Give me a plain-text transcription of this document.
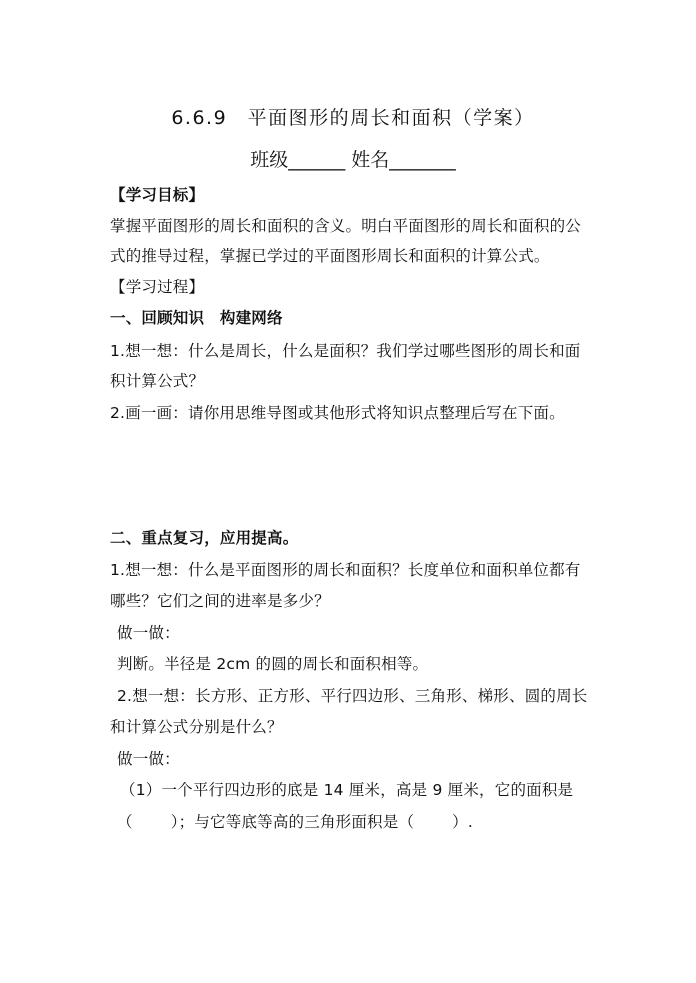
6.6.9　平面图形的周长和面积（学案）
班级______ 姓名_______
【学习目标】
掌握平面图形的周长和面积的含义。明白平面图形的周长和面积的公
式的推导过程，掌握已学过的平面图形周长和面积的计算公式。
【学习过程】
一、回顾知识　构建网络
1.想一想：什么是周长，什么是面积？我们学过哪些图形的周长和面
积计算公式？
2.画一画：请你用思维导图或其他形式将知识点整理后写在下面。
二、重点复习，应用提高。
1.想一想：什么是平面图形的周长和面积？长度单位和面积单位都有
哪些？它们之间的进率是多少？
做一做：
判断。半径是 2cm 的圆的周长和面积相等。
2.想一想：长方形、正方形、平行四边形、三角形、梯形、圆的周长
和计算公式分别是什么？
做一做：
（1）一个平行四边形的底是 14 厘米，高是 9 厘米，它的面积是
（ ）；与它等底等高的三角形面积是（ ）.
